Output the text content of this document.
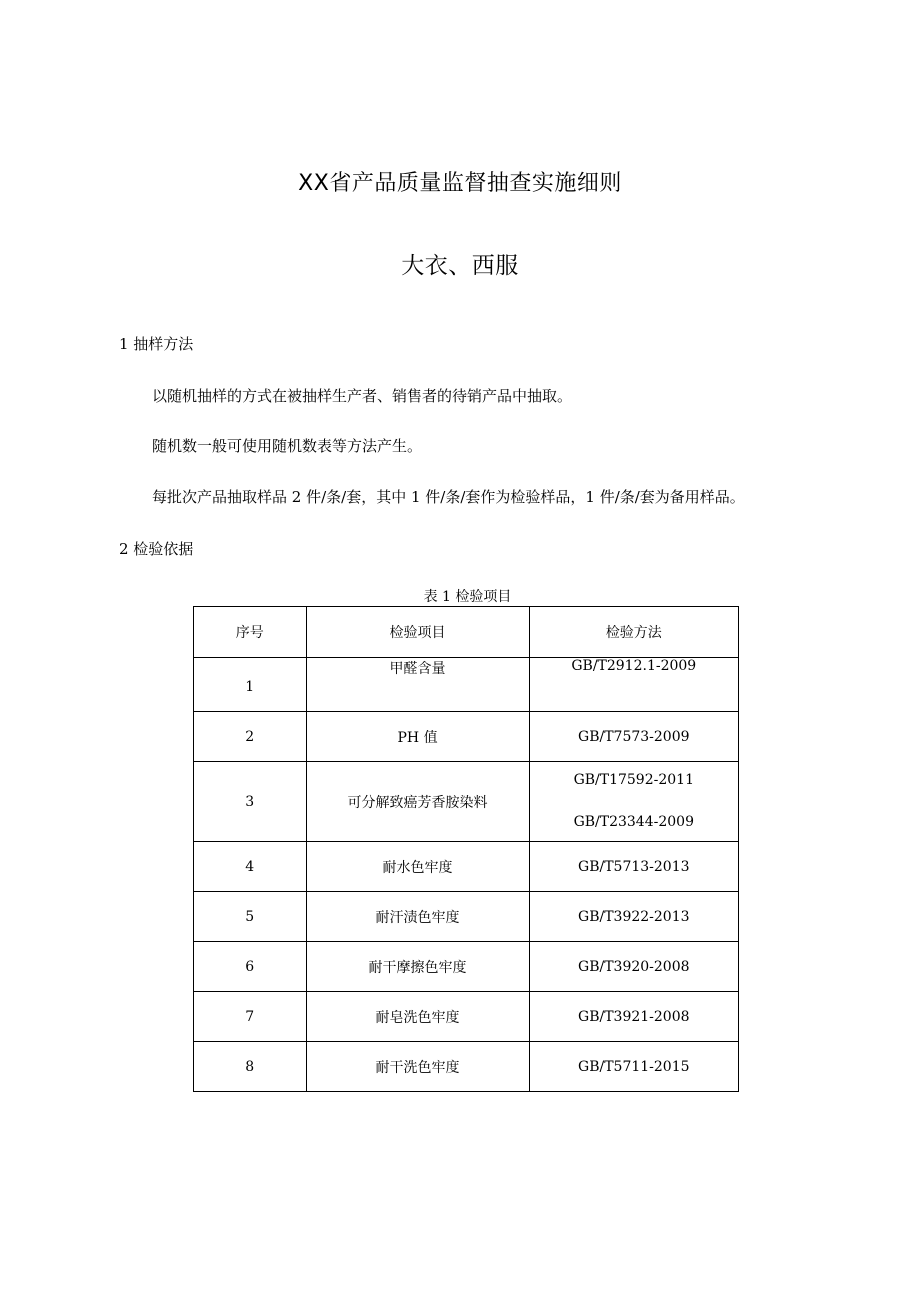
XX省产品质量监督抽查实施细则
大衣、西服
1 抽样方法
以随机抽样的方式在被抽样生产者、销售者的待销产品中抽取。
随机数一般可使用随机数表等方法产生。
每批次产品抽取样品 2 件/条/套，其中 1 件/条/套作为检验样品，1 件/条/套为备用样品。
2 检验依据
表 1 检验项目
序号	检验项目	检验方法
1	甲醛含量	GB/T2912.1-2009
2	PH 值	GB/T7573-2009
3	可分解致癌芳香胺染料	GB/T17592-2011
GB/T23344-2009

4	耐水色牢度	GB/T5713-2013
5	耐汗渍色牢度	GB/T3922-2013
6	耐干摩擦色牢度	GB/T3920-2008
7	耐皂洗色牢度	GB/T3921-2008
8	耐干洗色牢度	GB/T5711-2015
